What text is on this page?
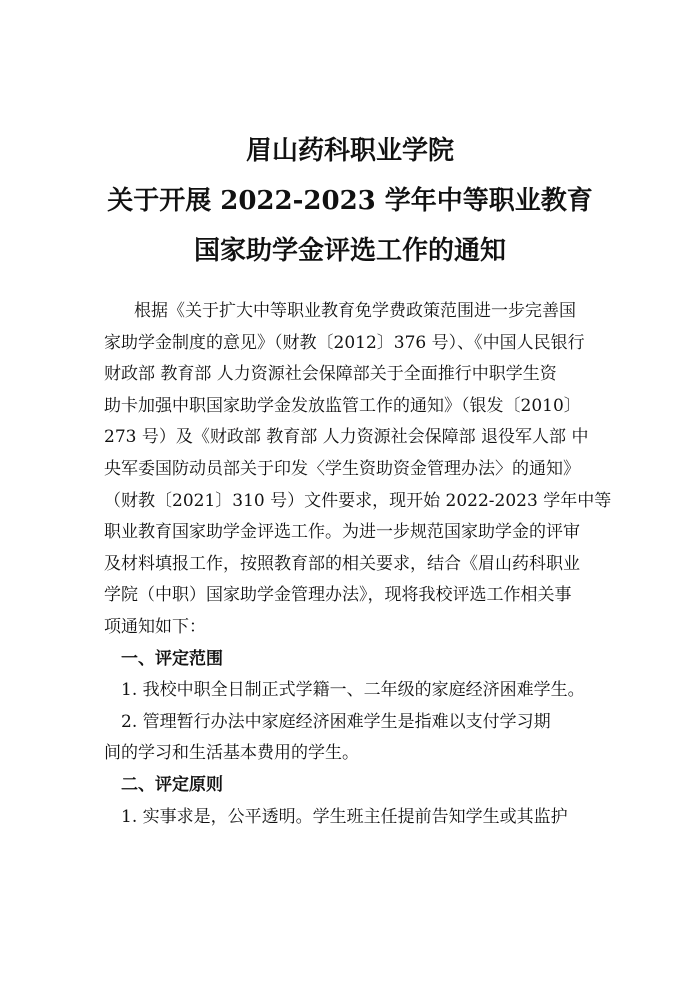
眉山药科职业学院
关于开展 2022-2023 学年中等职业教育
国家助学金评选工作的通知
根据《关于扩大中等职业教育免学费政策范围进一步完善国
家助学金制度的意见》（财教〔2012〕376 号）、《中国人民银行
财政部 教育部 人力资源社会保障部关于全面推行中职学生资
助卡加强中职国家助学金发放监管工作的通知》（银发〔2010〕
273 号）及《财政部 教育部 人力资源社会保障部 退役军人部 中
央军委国防动员部关于印发〈学生资助资金管理办法〉的通知》
（财教〔2021〕310 号）文件要求，现开始 2022-2023 学年中等
职业教育国家助学金评选工作。为进一步规范国家助学金的评审
及材料填报工作，按照教育部的相关要求，结合《眉山药科职业
学院（中职）国家助学金管理办法》，现将我校评选工作相关事
项通知如下：
一、评定范围
1. 我校中职全日制正式学籍一、二年级的家庭经济困难学生。
2. 管理暂行办法中家庭经济困难学生是指难以支付学习期
间的学习和生活基本费用的学生。
二、评定原则
1. 实事求是，公平透明。学生班主任提前告知学生或其监护
